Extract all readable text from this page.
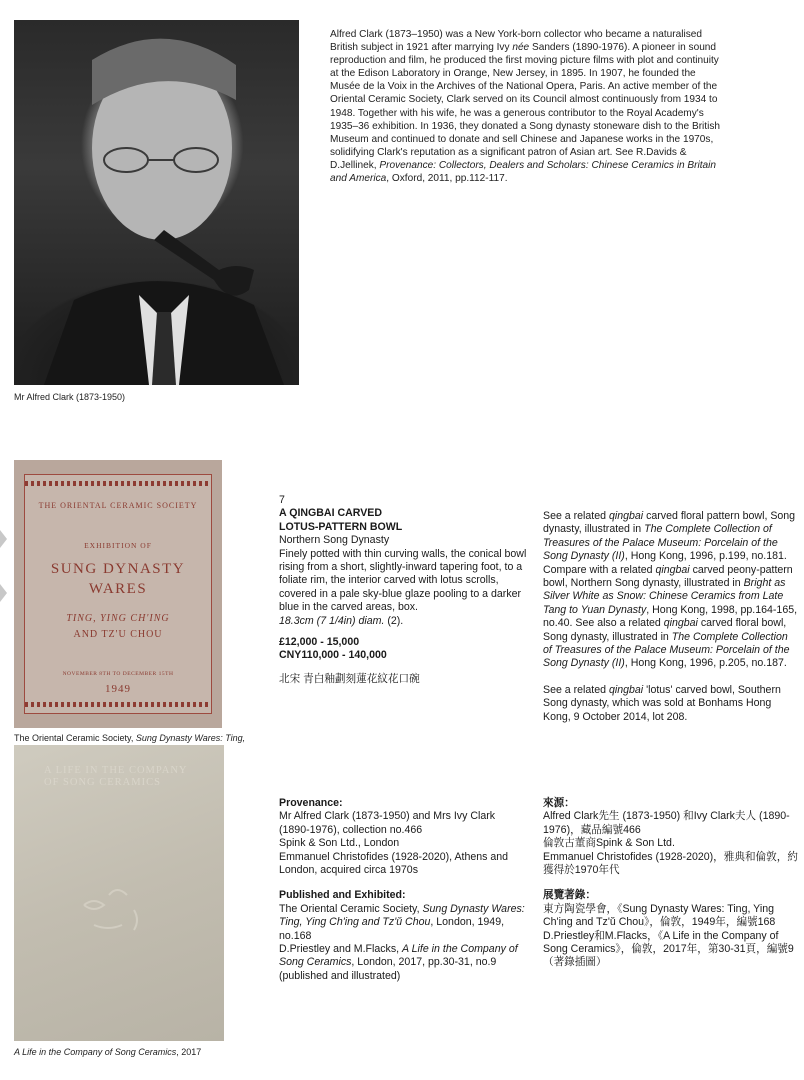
Mr Alfred Clark (1873-1950)
Alfred Clark (1873–1950) was a New York-born collector who became a naturalised British subject in 1921 after marrying Ivy née Sanders (1890-1976). A pioneer in sound reproduction and film, he produced the first moving picture films with plot and continuity at the Edison Laboratory in Orange, New Jersey, in 1895. In 1907, he founded the Musée de la Voix in the Archives of the National Opera, Paris. An active member of the Oriental Ceramic Society, Clark served on its Council almost continuously from 1934 to 1948. Together with his wife, he was a generous contributor to the Royal Academy's 1935–36 exhibition. In 1936, they donated a Song dynasty stoneware dish to the British Museum and continued to donate and sell Chinese and Japanese works in the 1970s, solidifying Clark's reputation as a significant patron of Asian art. See R.Davids & D.Jellinek, Provenance: Collectors, Dealers and Scholars: Chinese Ceramics in Britain and America, Oxford, 2011, pp.112-117.
THE ORIENTAL CERAMIC SOCIETY
EXHIBITION OF
SUNG DYNASTY
WARES
TING, YING CH'ING
AND TZ'U CHOU
NOVEMBER 8TH TO DECEMBER 15TH
1949
The Oriental Ceramic Society, Sung Dynasty Wares: Ting,
A LIFE IN THE COMPANY
OF SONG CERAMICS
A Life in the Company of Song Ceramics, 2017
7
A QINGBAI CARVED
LOTUS-PATTERN BOWL
Northern Song Dynasty
Finely potted with thin curving walls, the conical bowl rising from a short, slightly-inward tapering foot, to a foliate rim, the interior carved with lotus scrolls, covered in a pale sky-blue glaze pooling to a darker blue in the carved areas, box.
18.3cm (7 1/4in) diam. (2).
£12,000 - 15,000
CNY110,000 - 140,000
北宋 青白釉劃刻蓮花紋花口碗
See a related qingbai carved floral pattern bowl, Song dynasty, illustrated in The Complete Collection of Treasures of the Palace Museum: Porcelain of the Song Dynasty (II), Hong Kong, 1996, p.199, no.181. Compare with a related qingbai carved peony-pattern bowl, Northern Song dynasty, illustrated in Bright as Silver White as Snow: Chinese Ceramics from Late Tang to Yuan Dynasty, Hong Kong, 1998, pp.164-165, no.40. See also a related qingbai carved floral bowl, Song dynasty, illustrated in The Complete Collection of Treasures of the Palace Museum: Porcelain of the Song Dynasty (II), Hong Kong, 1996, p.205, no.187.
See a related qingbai 'lotus' carved bowl, Southern Song dynasty, which was sold at Bonhams Hong Kong, 9 October 2014, lot 208.
Provenance:
Mr Alfred Clark (1873-1950) and Mrs Ivy Clark (1890-1976), collection no.466
Spink & Son Ltd., London
Emmanuel Christofides (1928-2020), Athens and London, acquired circa 1970s
Published and Exhibited:
The Oriental Ceramic Society, Sung Dynasty Wares: Ting, Ying Ch'ing and Tz'ŭ Chou, London, 1949, no.168
D.Priestley and M.Flacks, A Life in the Company of Song Ceramics, London, 2017, pp.30-31, no.9 (published and illustrated)
來源：
Alfred Clark先生 (1873-1950) 和Ivy Clark夫人 (1890-1976)，藏品編號466
倫敦古董商Spink & Son Ltd.
Emmanuel Christofides (1928-2020)，雅典和倫敦，約獲得於1970年代
展覽著錄：
東方陶瓷學會，《Sung Dynasty Wares: Ting, Ying Ch'ing and Tz'ŭ Chou》，倫敦，1949年，編號168
D.Priestley和M.Flacks，《A Life in the Company of Song Ceramics》，倫敦，2017年，第30-31頁，編號9（著錄插圖）
